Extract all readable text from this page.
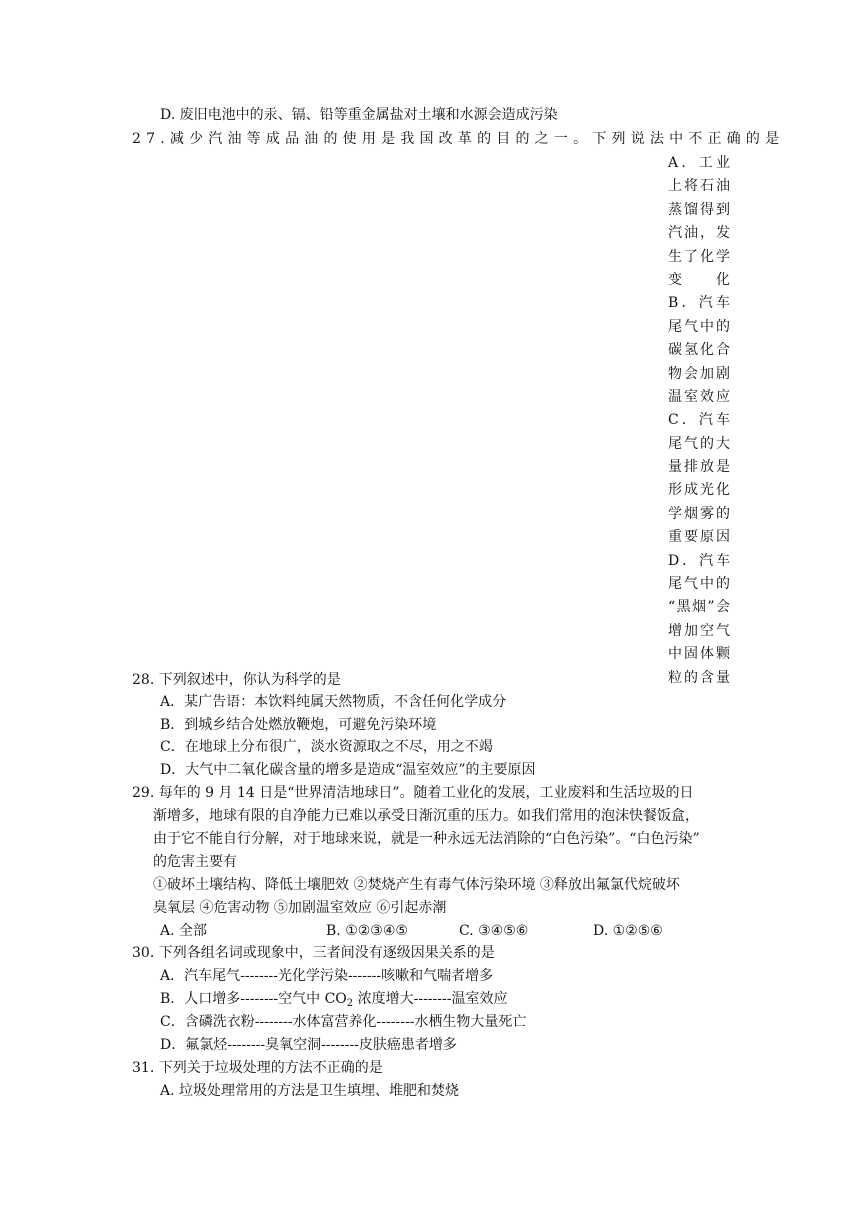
D. 废旧电池中的汞、镉、铅等重金属盐对土壤和水源会造成污染
27.减少汽油等成品油的使用是我国改革的目的之一。下列说法中不正确的是
A．工业
上将石油
蒸馏得到
汽油，发
生了化学
变　　化
B．汽车
尾气中的
碳氢化合
物会加剧
温室效应
C．汽车
尾气的大
量排放是
形成光化
学烟雾的
重要原因
D．汽车
尾气中的
“黑烟”会
增加空气
中固体颗
粒的含量
28. 下列叙述中，你认为科学的是
A．某广告语：本饮料纯属天然物质，不含任何化学成分
B．到城乡结合处燃放鞭炮，可避免污染环境
C．在地球上分布很广，淡水资源取之不尽，用之不竭
D．大气中二氧化碳含量的增多是造成“温室效应”的主要原因
29. 每年的 9 月 14 日是“世界清洁地球日”。随着工业化的发展，工业废料和生活垃圾的日
渐增多，地球有限的自净能力已难以承受日渐沉重的压力。如我们常用的泡沫快餐饭盒，
由于它不能自行分解，对于地球来说，就是一种永远无法消除的“白色污染”。“白色污染”
的危害主要有
①破坏土壤结构、降低土壤肥效 ②焚烧产生有毒气体污染环境 ③释放出氟氯代烷破坏
臭氧层 ④危害动物 ⑤加剧温室效应 ⑥引起赤潮
A. 全部	B. ①②③④⑤	C. ③④⑤⑥	D. ①②⑤⑥
30. 下列各组名词或现象中，三者间没有逐级因果关系的是
A．汽车尾气--------光化学污染-------咳嗽和气喘者增多
B．人口增多--------空气中 $CO_2$ 浓度增大--------温室效应
C．含磷洗衣粉--------水体富营养化--------水栖生物大量死亡
D．氟氯烃--------臭氧空洞--------皮肤癌患者增多
31. 下列关于垃圾处理的方法不正确的是
A. 垃圾处理常用的方法是卫生填埋、堆肥和焚烧
